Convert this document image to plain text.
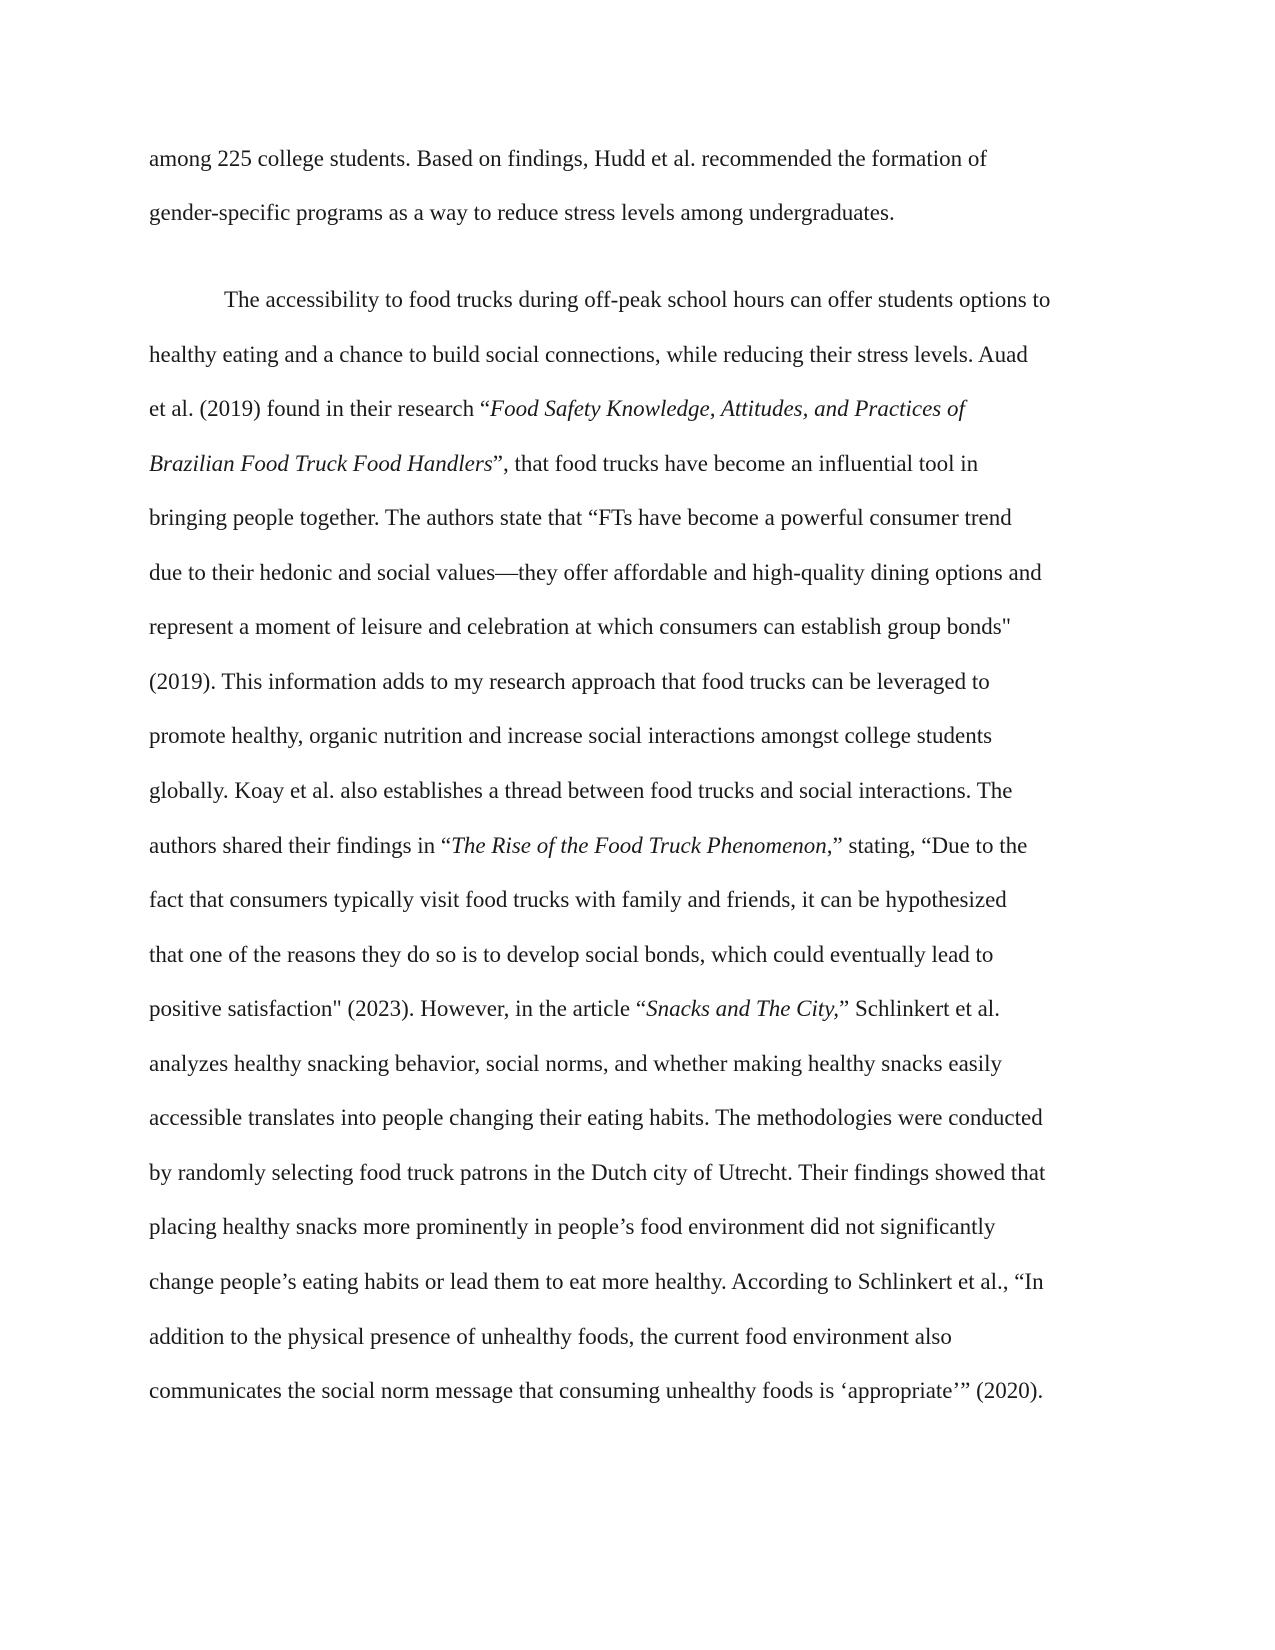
among 225 college students. Based on findings, Hudd et al. recommended the formation of
gender-specific programs as a way to reduce stress levels among undergraduates.
The accessibility to food trucks during off-peak school hours can offer students options to
healthy eating and a chance to build social connections, while reducing their stress levels. Auad
et al. (2019) found in their research “Food Safety Knowledge, Attitudes, and Practices of
Brazilian Food Truck Food Handlers”, that food trucks have become an influential tool in
bringing people together. The authors state that “FTs have become a powerful consumer trend
due to their hedonic and social values—they offer affordable and high-quality dining options and
represent a moment of leisure and celebration at which consumers can establish group bonds"
(2019). This information adds to my research approach that food trucks can be leveraged to
promote healthy, organic nutrition and increase social interactions amongst college students
globally. Koay et al. also establishes a thread between food trucks and social interactions. The
authors shared their findings in “The Rise of the Food Truck Phenomenon,” stating, “Due to the
fact that consumers typically visit food trucks with family and friends, it can be hypothesized
that one of the reasons they do so is to develop social bonds, which could eventually lead to
positive satisfaction" (2023). However, in the article “Snacks and The City,” Schlinkert et al.
analyzes healthy snacking behavior, social norms, and whether making healthy snacks easily
accessible translates into people changing their eating habits. The methodologies were conducted
by randomly selecting food truck patrons in the Dutch city of Utrecht. Their findings showed that
placing healthy snacks more prominently in people’s food environment did not significantly
change people’s eating habits or lead them to eat more healthy. According to Schlinkert et al., “In
addition to the physical presence of unhealthy foods, the current food environment also
communicates the social norm message that consuming unhealthy foods is ‘appropriate’” (2020).
